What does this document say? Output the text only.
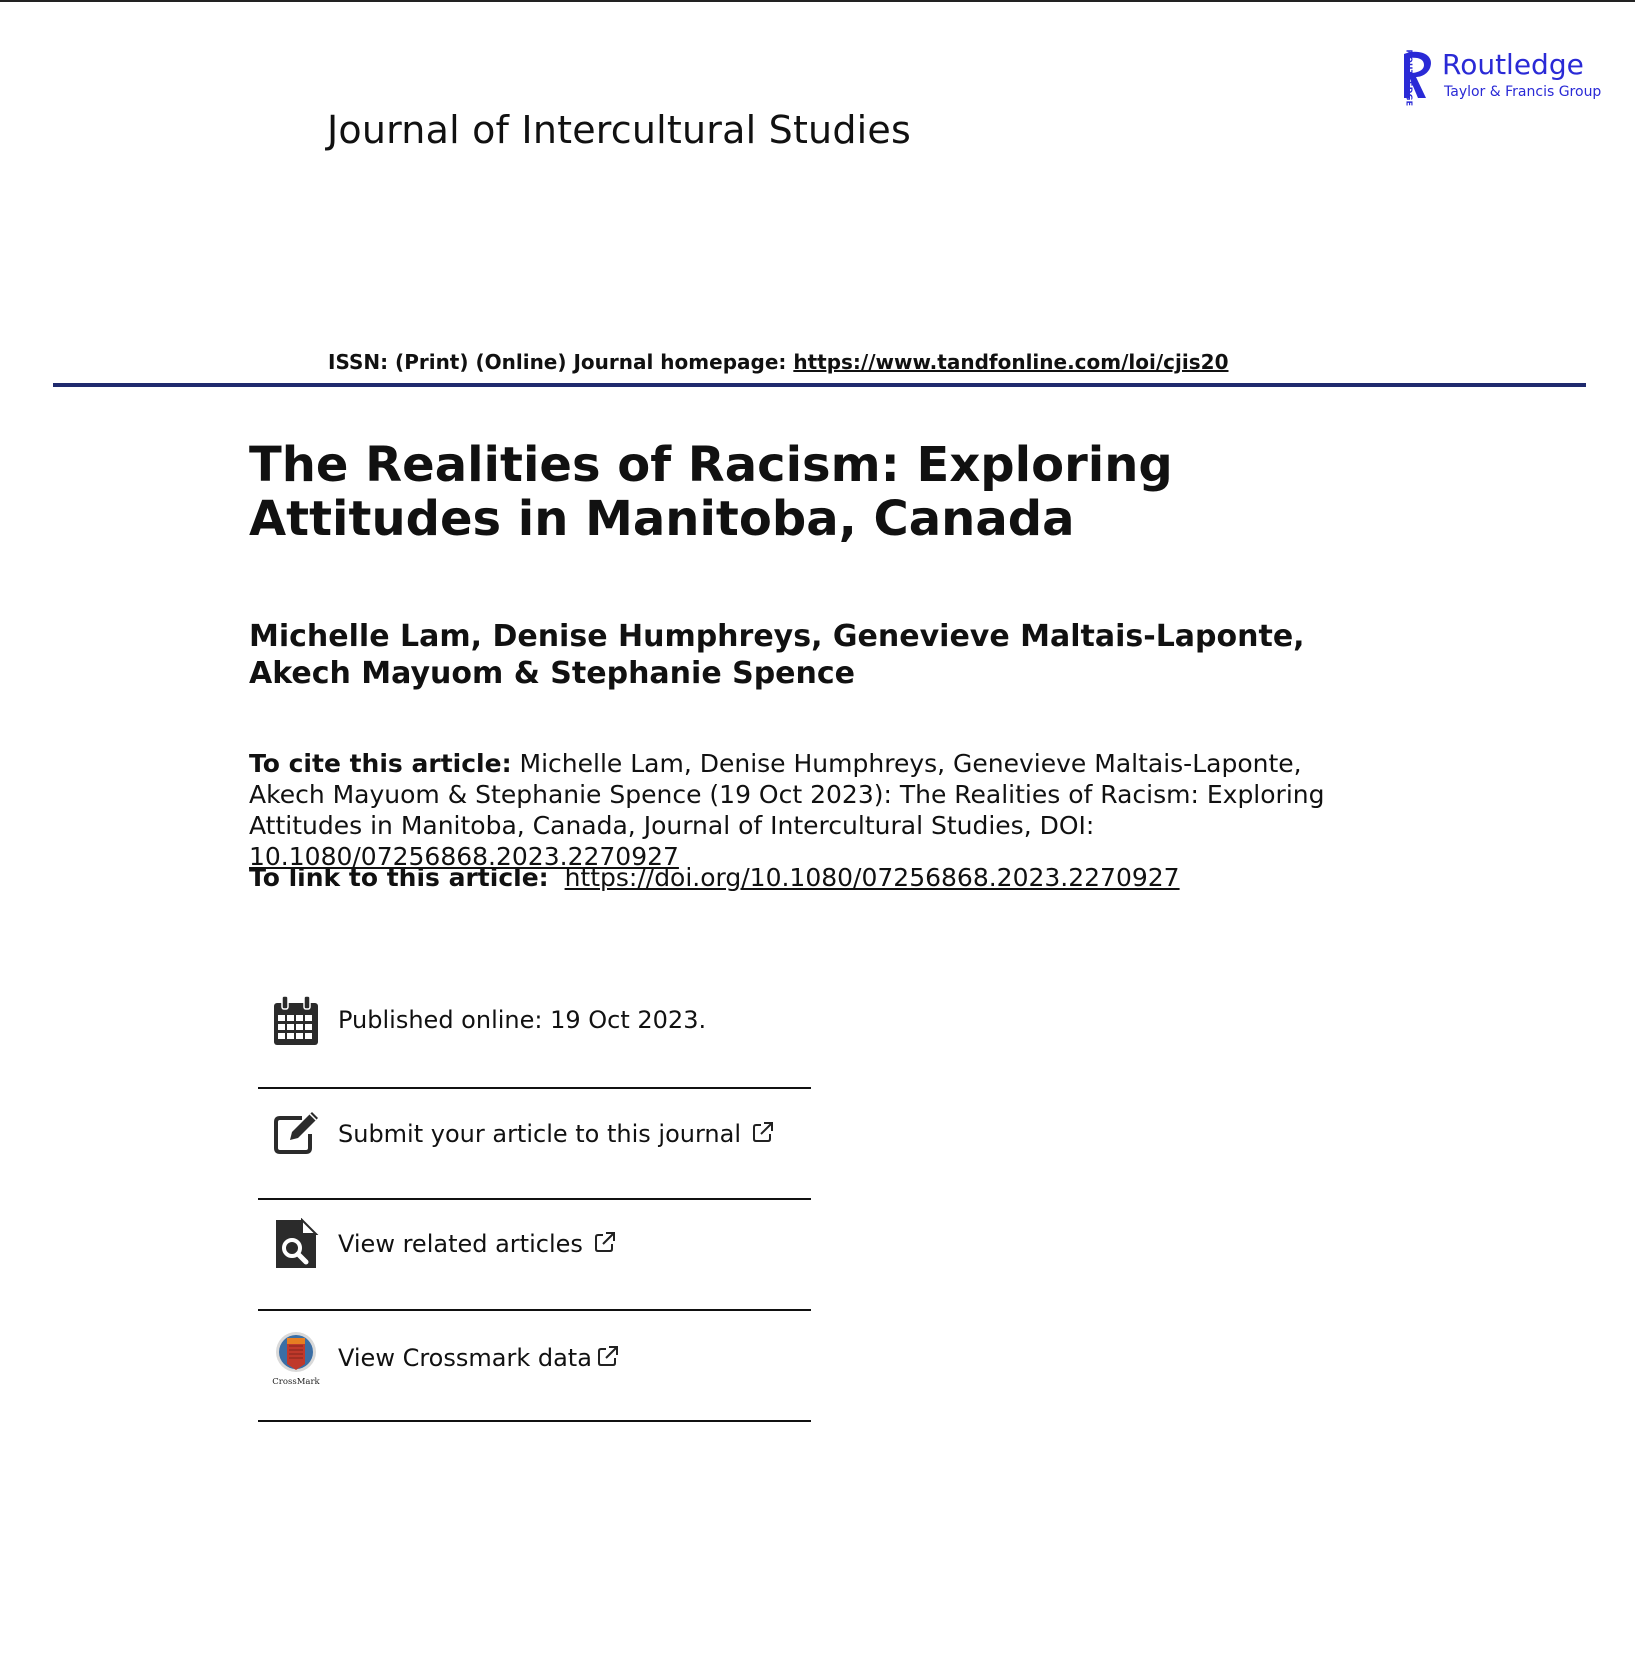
Journal of Intercultural Studies
ROUTLEDGE Routledge
Taylor & Francis Group
ISSN: (Print) (Online) Journal homepage: https://www.tandfonline.com/loi/cjis20
The Realities of Racism: Exploring Attitudes in Manitoba, Canada
Michelle Lam, Denise Humphreys, Genevieve Maltais-Laponte, Akech Mayuom & Stephanie Spence
To cite this article: Michelle Lam, Denise Humphreys, Genevieve Maltais-Laponte, Akech Mayuom & Stephanie Spence (19 Oct 2023): The Realities of Racism: Exploring Attitudes in Manitoba, Canada, Journal of Intercultural Studies, DOI: 10.1080/07256868.2023.2270927
To link to this article: https://doi.org/10.1080/07256868.2023.2270927
Published online: 19 Oct 2023.
Submit your article to this journal
View related articles
CrossMark
View Crossmark data
